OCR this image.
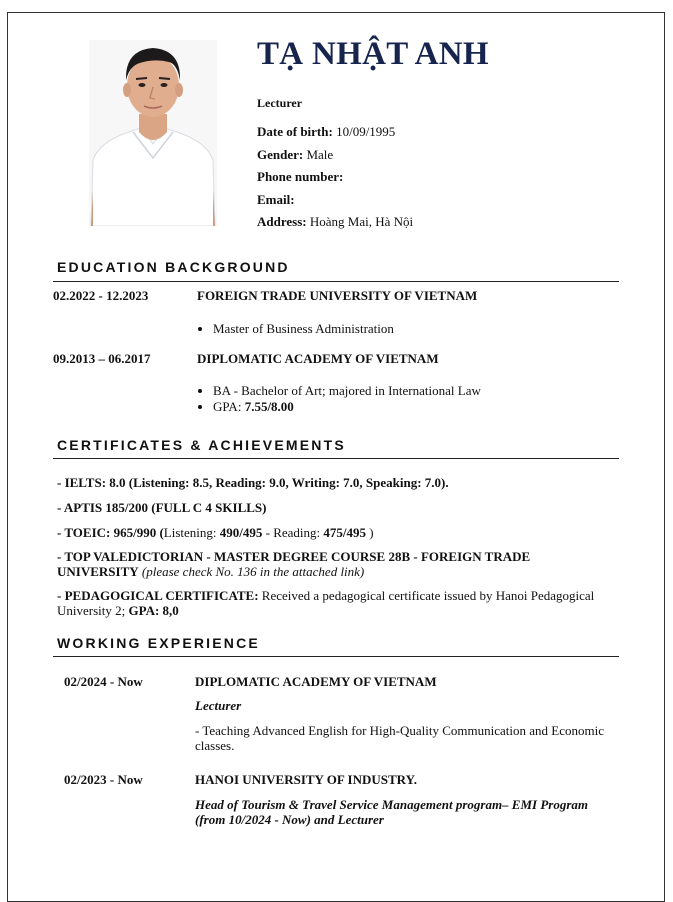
TẠ NHẬT ANH
Lecturer
Date of birth: 10/09/1995
Gender: Male
Phone number:
Email:
Address: Hoàng Mai, Hà Nội
EDUCATION BACKGROUND
02.2022 - 12.2023	FOREIGN TRADE UNIVERSITY OF VIETNAM
• Master of Business Administration
09.2013 – 06.2017	DIPLOMATIC ACADEMY OF VIETNAM
• BA - Bachelor of Art; majored in International Law
• GPA: 7.55/8.00
CERTIFICATES & ACHIEVEMENTS
- IELTS: 8.0 (Listening: 8.5, Reading: 9.0, Writing: 7.0, Speaking: 7.0).
- APTIS 185/200 (FULL C 4 SKILLS)
- TOEIC: 965/990 (Listening: 490/495 - Reading: 475/495 )
- TOP VALEDICTORIAN - MASTER DEGREE COURSE 28B - FOREIGN TRADE UNIVERSITY (please check No. 136 in the attached link)
- PEDAGOGICAL CERTIFICATE: Received a pedagogical certificate issued by Hanoi Pedagogical University 2; GPA: 8,0
WORKING EXPERIENCE
02/2024 - Now	DIPLOMATIC ACADEMY OF VIETNAM
Lecturer
- Teaching Advanced English for High-Quality Communication and Economic classes.
02/2023 - Now	HANOI UNIVERSITY OF INDUSTRY.
Head of Tourism & Travel Service Management program– EMI Program (from 10/2024 - Now) and Lecturer
